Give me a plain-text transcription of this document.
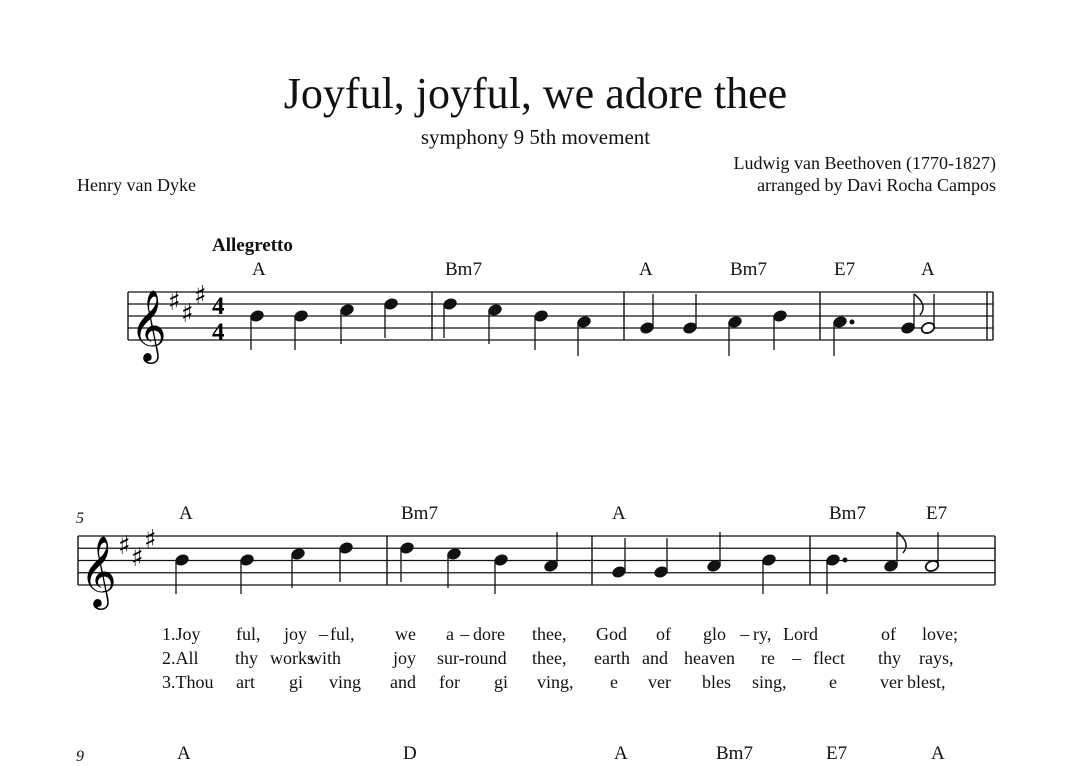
Joyful, joyful, we adore thee
symphony 9 5th movement
Ludwig van Beethoven (1770-1827)
arranged by Davi Rocha Campos
Henry van Dyke
Allegretto
5
A	Bm7	A	Bm7	E7	A
A	Bm7	A	Bm7	E7
A	D	A	Bm7	E7	A
1.Joy ful, joy – ful, we a – dore thee, God of glo – ry, Lord	of love;
2.All thy works
with	joy sur-round thee, earth and heaven re – flect thy rays,
3.Thou art gi ving and for gi ving, e ver bles sing, e ver blest,
𝄞 ♯ ♯
♯ 4
4
𝄞 ♯ ♯
♯
9
